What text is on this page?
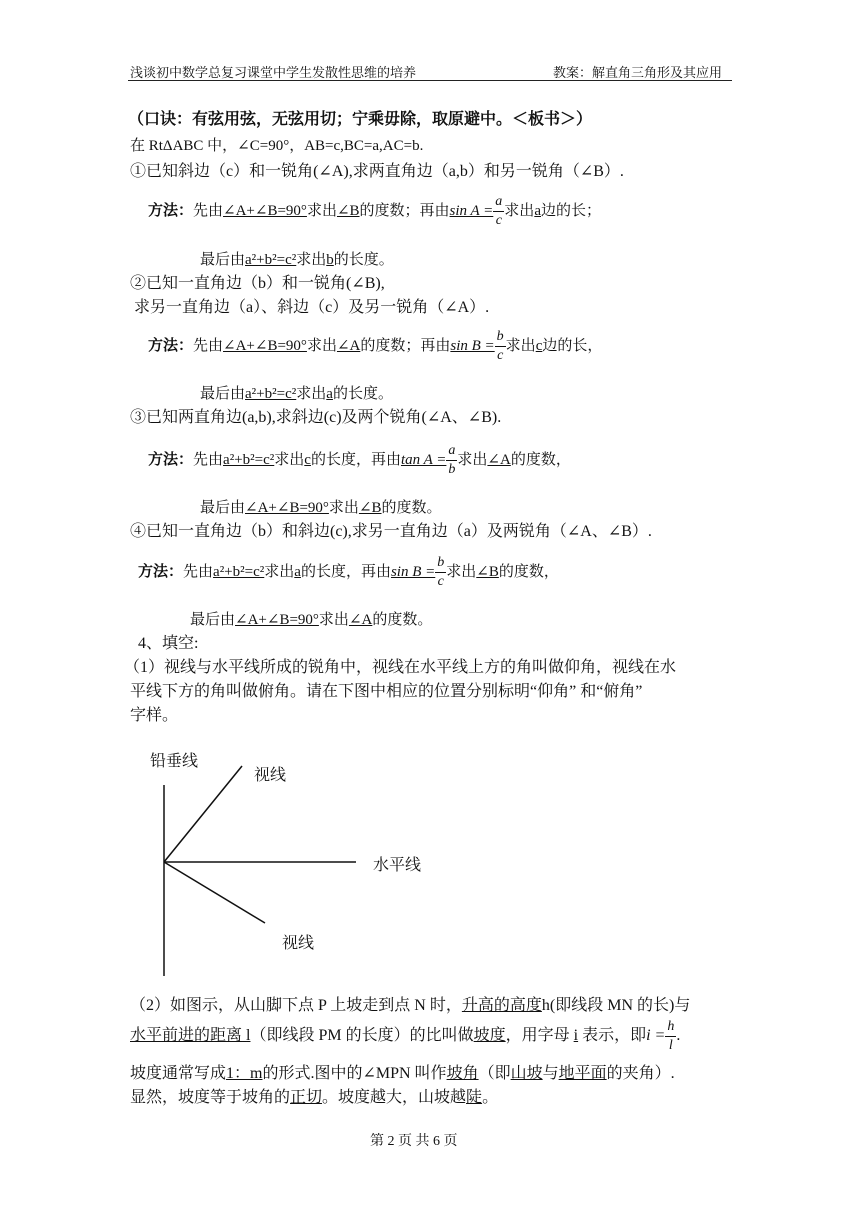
浅谈初中数学总复习课堂中学生发散性思维的培养	教案：解直角三角形及其应用
（口诀：有弦用弦，无弦用切；宁乘毋除，取原避中。＜板书＞）
在 RtΔABC 中，∠C=90°，AB=c,BC=a,AC=b.
①已知斜边（c）和一锐角(∠A),求两直角边（a,b）和另一锐角（∠B）.
方法：先由∠A+∠B=90°求出∠B的度数；再由$\sin A = \frac{a}{c}$ 求出a边的长；
最后由a²+b²=c²求出b的长度。
②已知一直角边（b）和一锐角(∠B),
求另一直角边（a）、斜边（c）及另一锐角（∠A）.
方法：先由∠A+∠B=90°求出∠A的度数；再由$\sin B = \frac{b}{c}$ 求出c边的长，
最后由a²+b²=c²求出a的长度。
③已知两直角边(a,b),求斜边(c)及两个锐角(∠A、∠B).
方法：先由a²+b²=c²求出c的长度，再由$\tan A = \frac{a}{b}$ 求出∠A的度数，
最后由∠A+∠B=90°求出∠B的度数。
④已知一直角边（b）和斜边(c),求另一直角边（a）及两锐角（∠A、∠B）.
方法：先由a²+b²=c²求出a的长度，再由$\sin B = \frac{b}{c}$ 求出∠B的度数，
最后由∠A+∠B=90°求出∠A的度数。
4、填空:
（1）视线与水平线所成的锐角中，视线在水平线上方的角叫做仰角，视线在水
平线下方的角叫做俯角。请在下图中相应的位置分别标明“仰角” 和“俯角”
字样。
铅垂线
视线
水平线
视线
（2）如图示，从山脚下点 P 上坡走到点 N 时，升高的高度h(即线段 MN 的长)与
水平前进的距离 l（即线段 PM 的长度）的比叫做坡度，用字母 i 表示，即$i = \frac{h}{l}$ .
坡度通常写成1：m的形式.图中的∠MPN 叫作坡角（即山坡与地平面的夹角）.
显然，坡度等于坡角的正切。坡度越大，山坡越陡。
第 2 页 共 6 页
